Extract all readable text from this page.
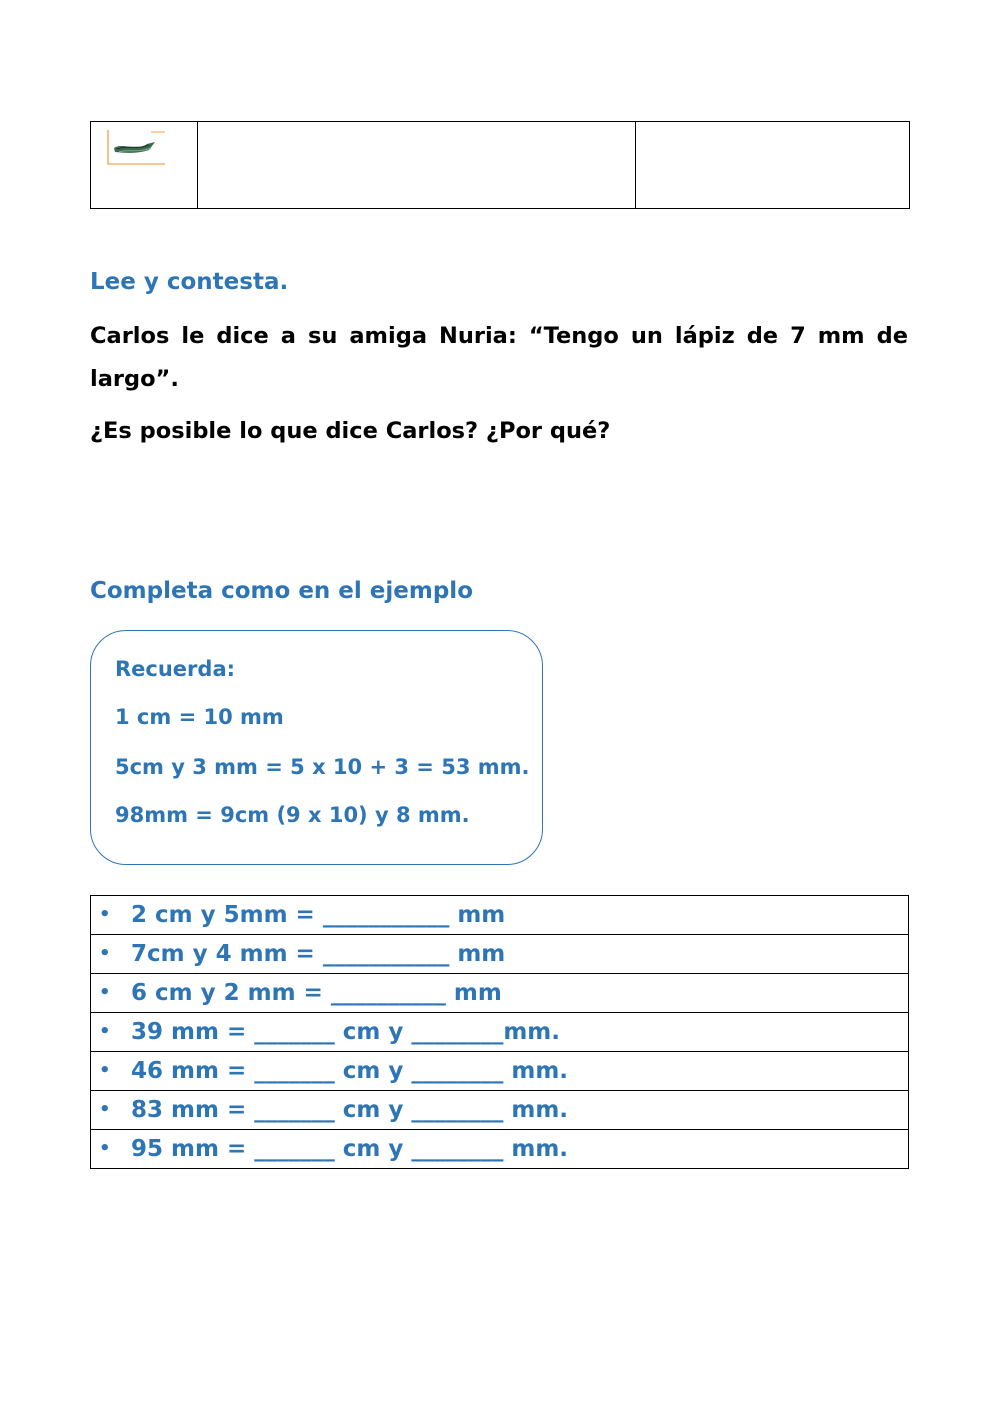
Lee y contesta.

Carlos le dice a su amiga Nuria: “Tengo un lápiz de 7 mm de largo”.

¿Es posible lo que dice Carlos? ¿Por qué?

Completa como en el ejemplo

Recuerda:

1 cm = 10 mm

5cm y 3 mm = 5 x 10 + 3 = 53 mm.

98mm = 9cm (9 x 10) y 8 mm.

• 2 cm y 5mm = ___________ mm
• 7cm y 4 mm = ___________ mm
• 6 cm y 2 mm = __________ mm
• 39 mm = _______ cm y ________mm.
• 46 mm = _______ cm y ________ mm.
• 83 mm = _______ cm y ________ mm.
• 95 mm = _______ cm y ________ mm.
